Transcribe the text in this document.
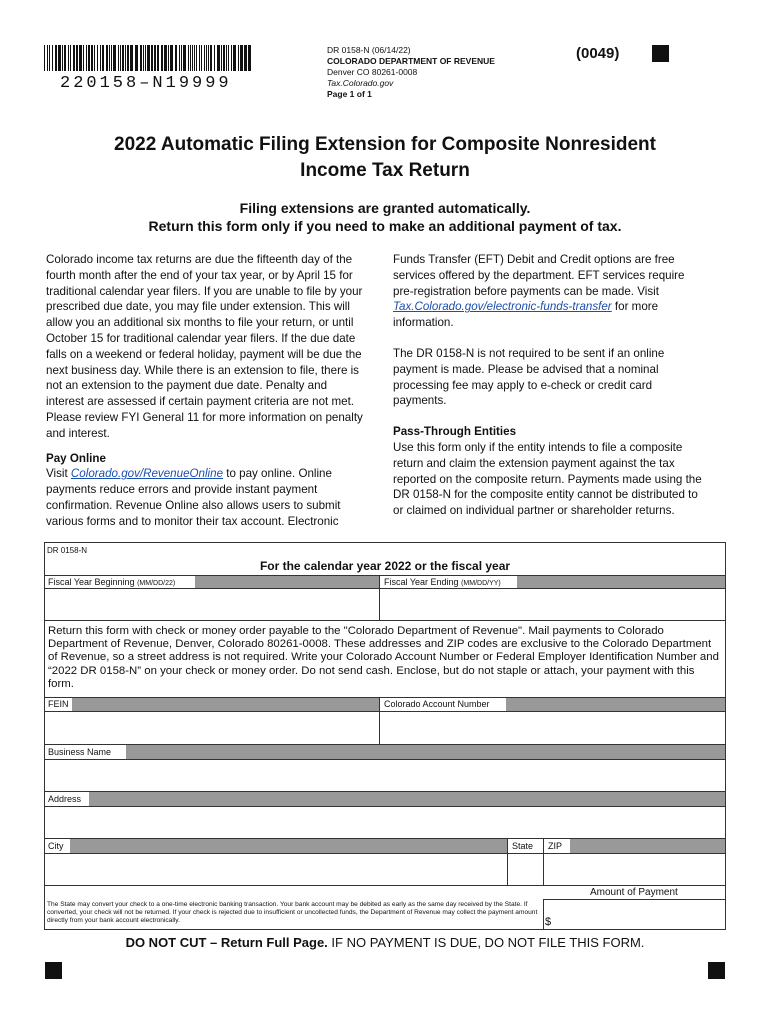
220158–N19999
DR 0158-N (06/14/22)
COLORADO DEPARTMENT OF REVENUE
Denver CO 80261-0008
Tax.Colorado.gov
Page 1 of 1
(0049)
2022 Automatic Filing Extension for Composite Nonresident
Income Tax Return
Filing extensions are granted automatically.
Return this form only if you need to make an additional payment of tax.

Colorado income tax returns are due the fifteenth day of the fourth month after the end of your tax year, or by April 15 for traditional calendar year filers. If you are unable to file by your prescribed due date, you may file under extension. This will allow you an additional six months to file your return, or until October 15 for traditional calendar year filers. If the due date falls on a weekend or federal holiday, payment will be due the next business day. While there is an extension to file, there is not an extension to the payment due date. Penalty and interest are assessed if certain payment criteria are not met. Please review FYI General 11 for more information on penalty and interest.

Pay Online

Visit Colorado.gov/RevenueOnline to pay online. Online payments reduce errors and provide instant payment confirmation. Revenue Online also allows users to submit various forms and to monitor their tax account. Electronic

Funds Transfer (EFT) Debit and Credit options are free services offered by the department. EFT services require pre-registration before payments can be made. Visit Tax.Colorado.gov/electronic-funds-transfer for more information.

The DR 0158-N is not required to be sent if an online payment is made. Please be advised that a nominal processing fee may apply to e-check or credit card payments.

Pass-Through Entities

Use this form only if the entity intends to file a composite return and claim the extension payment against the tax reported on the composite return. Payments made using the DR 0158-N for the composite entity cannot be distributed to or claimed on individual partner or shareholder returns.

DR 0158-N
For the calendar year 2022 or the fiscal year
Fiscal Year Beginning (MM/DD/22)	Fiscal Year Ending (MM/DD/YY)
Return this form with check or money order payable to the "Colorado Department of Revenue". Mail payments to Colorado Department of Revenue, Denver, Colorado 80261-0008. These addresses and ZIP codes are exclusive to the Colorado Department of Revenue, so a street address is not required. Write your Colorado Account Number or Federal Employer Identification Number and “2022 DR 0158-N” on your check or money order. Do not send cash. Enclose, but do not staple or attach, your payment with this form.
FEIN	Colorado Account Number
Business Name
Address
City	State ZIP
Amount of Payment
The State may convert your check to a one-time electronic banking transaction. Your bank account may be debited as early as the same day received by the State. If converted, your check will not be returned. If your check is rejected due to insufficient or uncollected funds, the Department of Revenue may collect the payment amount directly from your bank account electronically.	$
DO NOT CUT – Return Full Page. IF NO PAYMENT IS DUE, DO NOT FILE THIS FORM.
